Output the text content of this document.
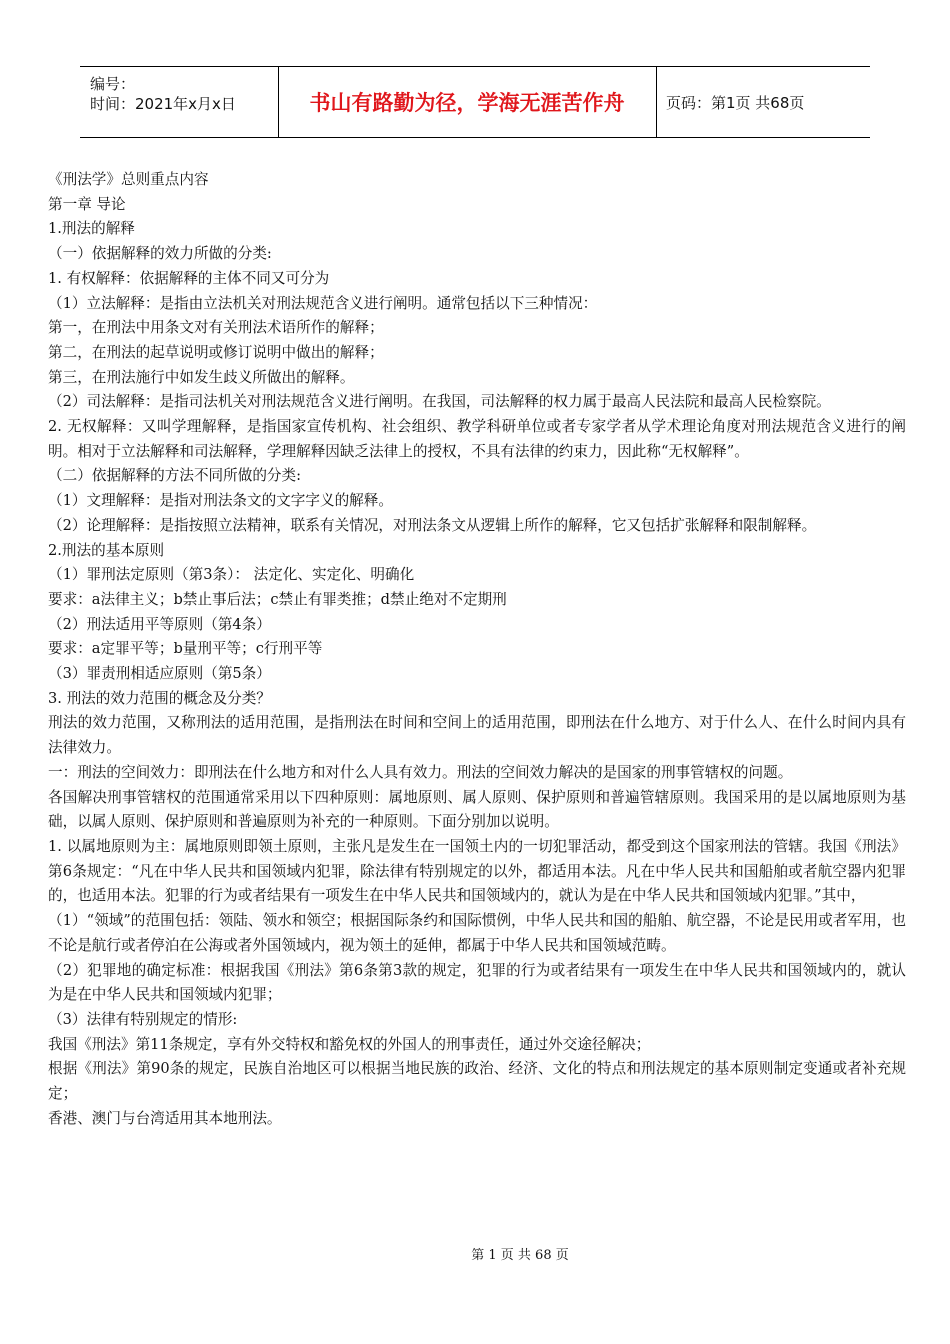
编号：
时间：2021年x月x日	书山有路勤为径，学海无涯苦作舟	页码：第1页 共68页

《刑法学》总则重点内容

第一章 导论

1.刑法的解释

（一）依据解释的效力所做的分类:

1. 有权解释：依据解释的主体不同又可分为

（1）立法解释：是指由立法机关对刑法规范含义进行阐明。通常包括以下三种情况：

第一，在刑法中用条文对有关刑法术语所作的解释；

第二，在刑法的起草说明或修订说明中做出的解释；

第三，在刑法施行中如发生歧义所做出的解释。

（2）司法解释：是指司法机关对刑法规范含义进行阐明。在我国，司法解释的权力属于最高人民法院和最高人民检察院。

2. 无权解释：又叫学理解释，是指国家宣传机构、社会组织、教学科研单位或者专家学者从学术理论角度对刑法规范含义进行的阐明。相对于立法解释和司法解释，学理解释因缺乏法律上的授权，不具有法律的约束力，因此称“无权解释”。

（二）依据解释的方法不同所做的分类:

（1）文理解释：是指对刑法条文的文字字义的解释。

（2）论理解释：是指按照立法精神，联系有关情况，对刑法条文从逻辑上所作的解释，它又包括扩张解释和限制解释。

2.刑法的基本原则

（1）罪刑法定原则（第3条）： 法定化、实定化、明确化

要求：a法律主义；b禁止事后法；c禁止有罪类推；d禁止绝对不定期刑

（2）刑法适用平等原则（第4条）

要求：a定罪平等；b量刑平等；c行刑平等

（3）罪责刑相适应原则（第5条）

3. 刑法的效力范围的概念及分类？

刑法的效力范围，又称刑法的适用范围，是指刑法在时间和空间上的适用范围，即刑法在什么地方、对于什么人、在什么时间内具有法律效力。

一：刑法的空间效力：即刑法在什么地方和对什么人具有效力。刑法的空间效力解决的是国家的刑事管辖权的问题。

各国解决刑事管辖权的范围通常采用以下四种原则：属地原则、属人原则、保护原则和普遍管辖原则。我国采用的是以属地原则为基础，以属人原则、保护原则和普遍原则为补充的一种原则。下面分别加以说明。

1. 以属地原则为主：属地原则即领土原则，主张凡是发生在一国领土内的一切犯罪活动，都受到这个国家刑法的管辖。我国《刑法》第6条规定：“凡在中华人民共和国领域内犯罪，除法律有特别规定的以外，都适用本法。凡在中华人民共和国船舶或者航空器内犯罪的，也适用本法。犯罪的行为或者结果有一项发生在中华人民共和国领域内的，就认为是在中华人民共和国领域内犯罪。”其中，

（1）“领域”的范围包括：领陆、领水和领空；根据国际条约和国际惯例，中华人民共和国的船舶、航空器，不论是民用或者军用，也不论是航行或者停泊在公海或者外国领域内，视为领土的延伸，都属于中华人民共和国领域范畴。

（2）犯罪地的确定标准：根据我国《刑法》第6条第3款的规定，犯罪的行为或者结果有一项发生在中华人民共和国领域内的，就认为是在中华人民共和国领域内犯罪；

（3）法律有特别规定的情形:

我国《刑法》第11条规定，享有外交特权和豁免权的外国人的刑事责任，通过外交途径解决；

根据《刑法》第90条的规定，民族自治地区可以根据当地民族的政治、经济、文化的特点和刑法规定的基本原则制定变通或者补充规定；

香港、澳门与台湾适用其本地刑法。

第 1 页 共 68 页
